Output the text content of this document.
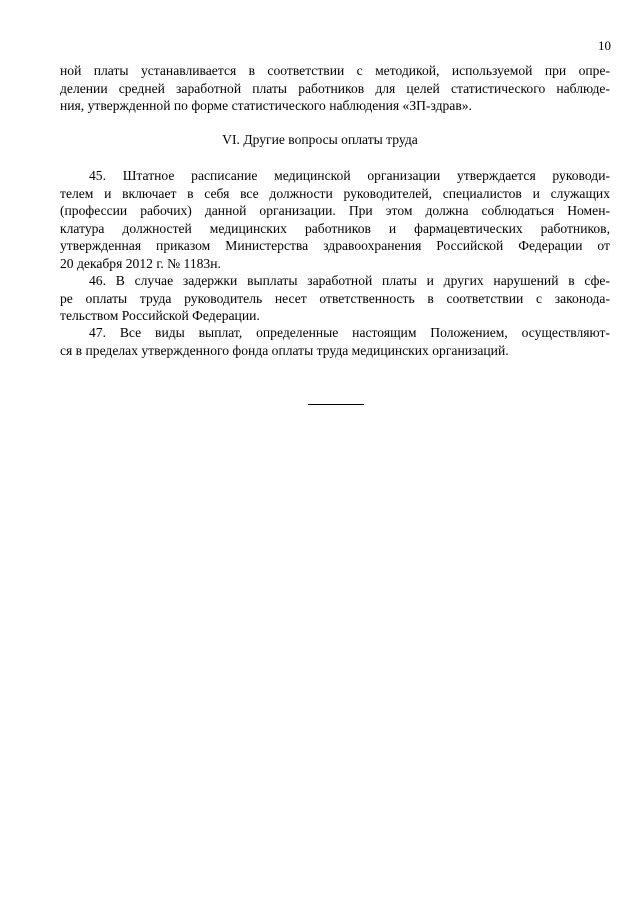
10
ной платы устанавливается в соответствии с методикой, используемой при опре-
делении средней заработной платы работников для целей статистического наблюде-
ния, утвержденной по форме статистического наблюдения «ЗП-здрав».
VI. Другие вопросы оплаты труда
45. Штатное расписание медицинской организации утверждается руководи-
телем и включает в себя все должности руководителей, специалистов и служащих
(профессии рабочих) данной организации. При этом должна соблюдаться Номен-
клатура должностей медицинских работников и фармацевтических работников,
утвержденная приказом Министерства здравоохранения Российской Федерации от
20 декабря 2012 г. № 1183н.
46. В случае задержки выплаты заработной платы и других нарушений в сфе-
ре оплаты труда руководитель несет ответственность в соответствии с законода-
тельством Российской Федерации.
47. Все виды выплат, определенные настоящим Положением, осуществляют-
ся в пределах утвержденного фонда оплаты труда медицинских организаций.
